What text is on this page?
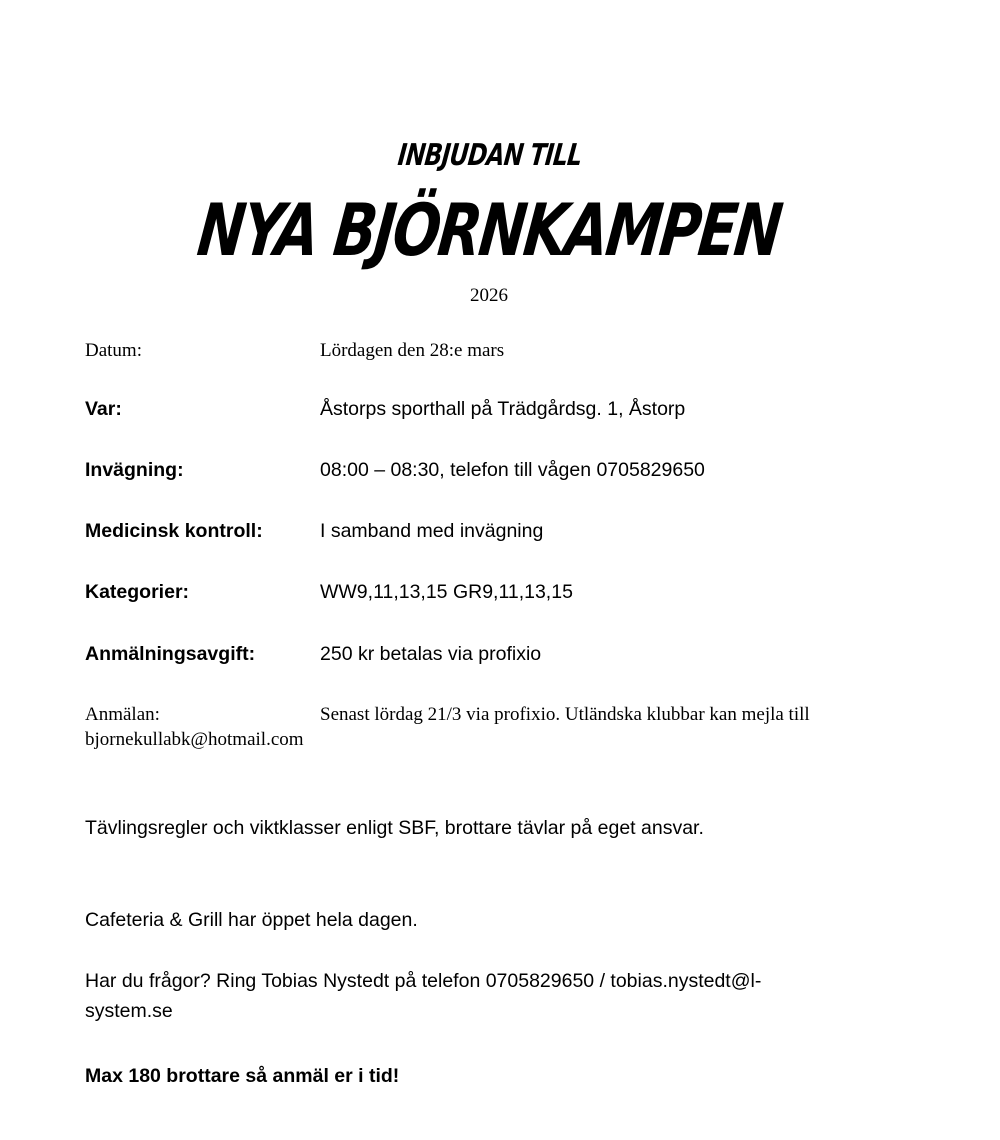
INBJUDAN TILL
NYA BJÖRNKAMPEN
2026
Datum:	Lördagen den 28:e mars
Var:	Åstorps sporthall på Trädgårdsg. 1, Åstorp
Invägning:	08:00 – 08:30, telefon till vågen 0705829650
Medicinsk kontroll:	I samband med invägning
Kategorier:	WW9,11,13,15 GR9,11,13,15
Anmälningsavgift:	250 kr betalas via profixio
Anmälan:	Senast lördag 21/3 via profixio. Utländska klubbar kan mejla till
bjornekullabk@hotmail.com
Tävlingsregler och viktklasser enligt SBF, brottare tävlar på eget ansvar.
Cafeteria & Grill har öppet hela dagen.
Har du frågor? Ring Tobias Nystedt på telefon 0705829650 / tobias.nystedt@l-
system.se
Max 180 brottare så anmäl er i tid!
